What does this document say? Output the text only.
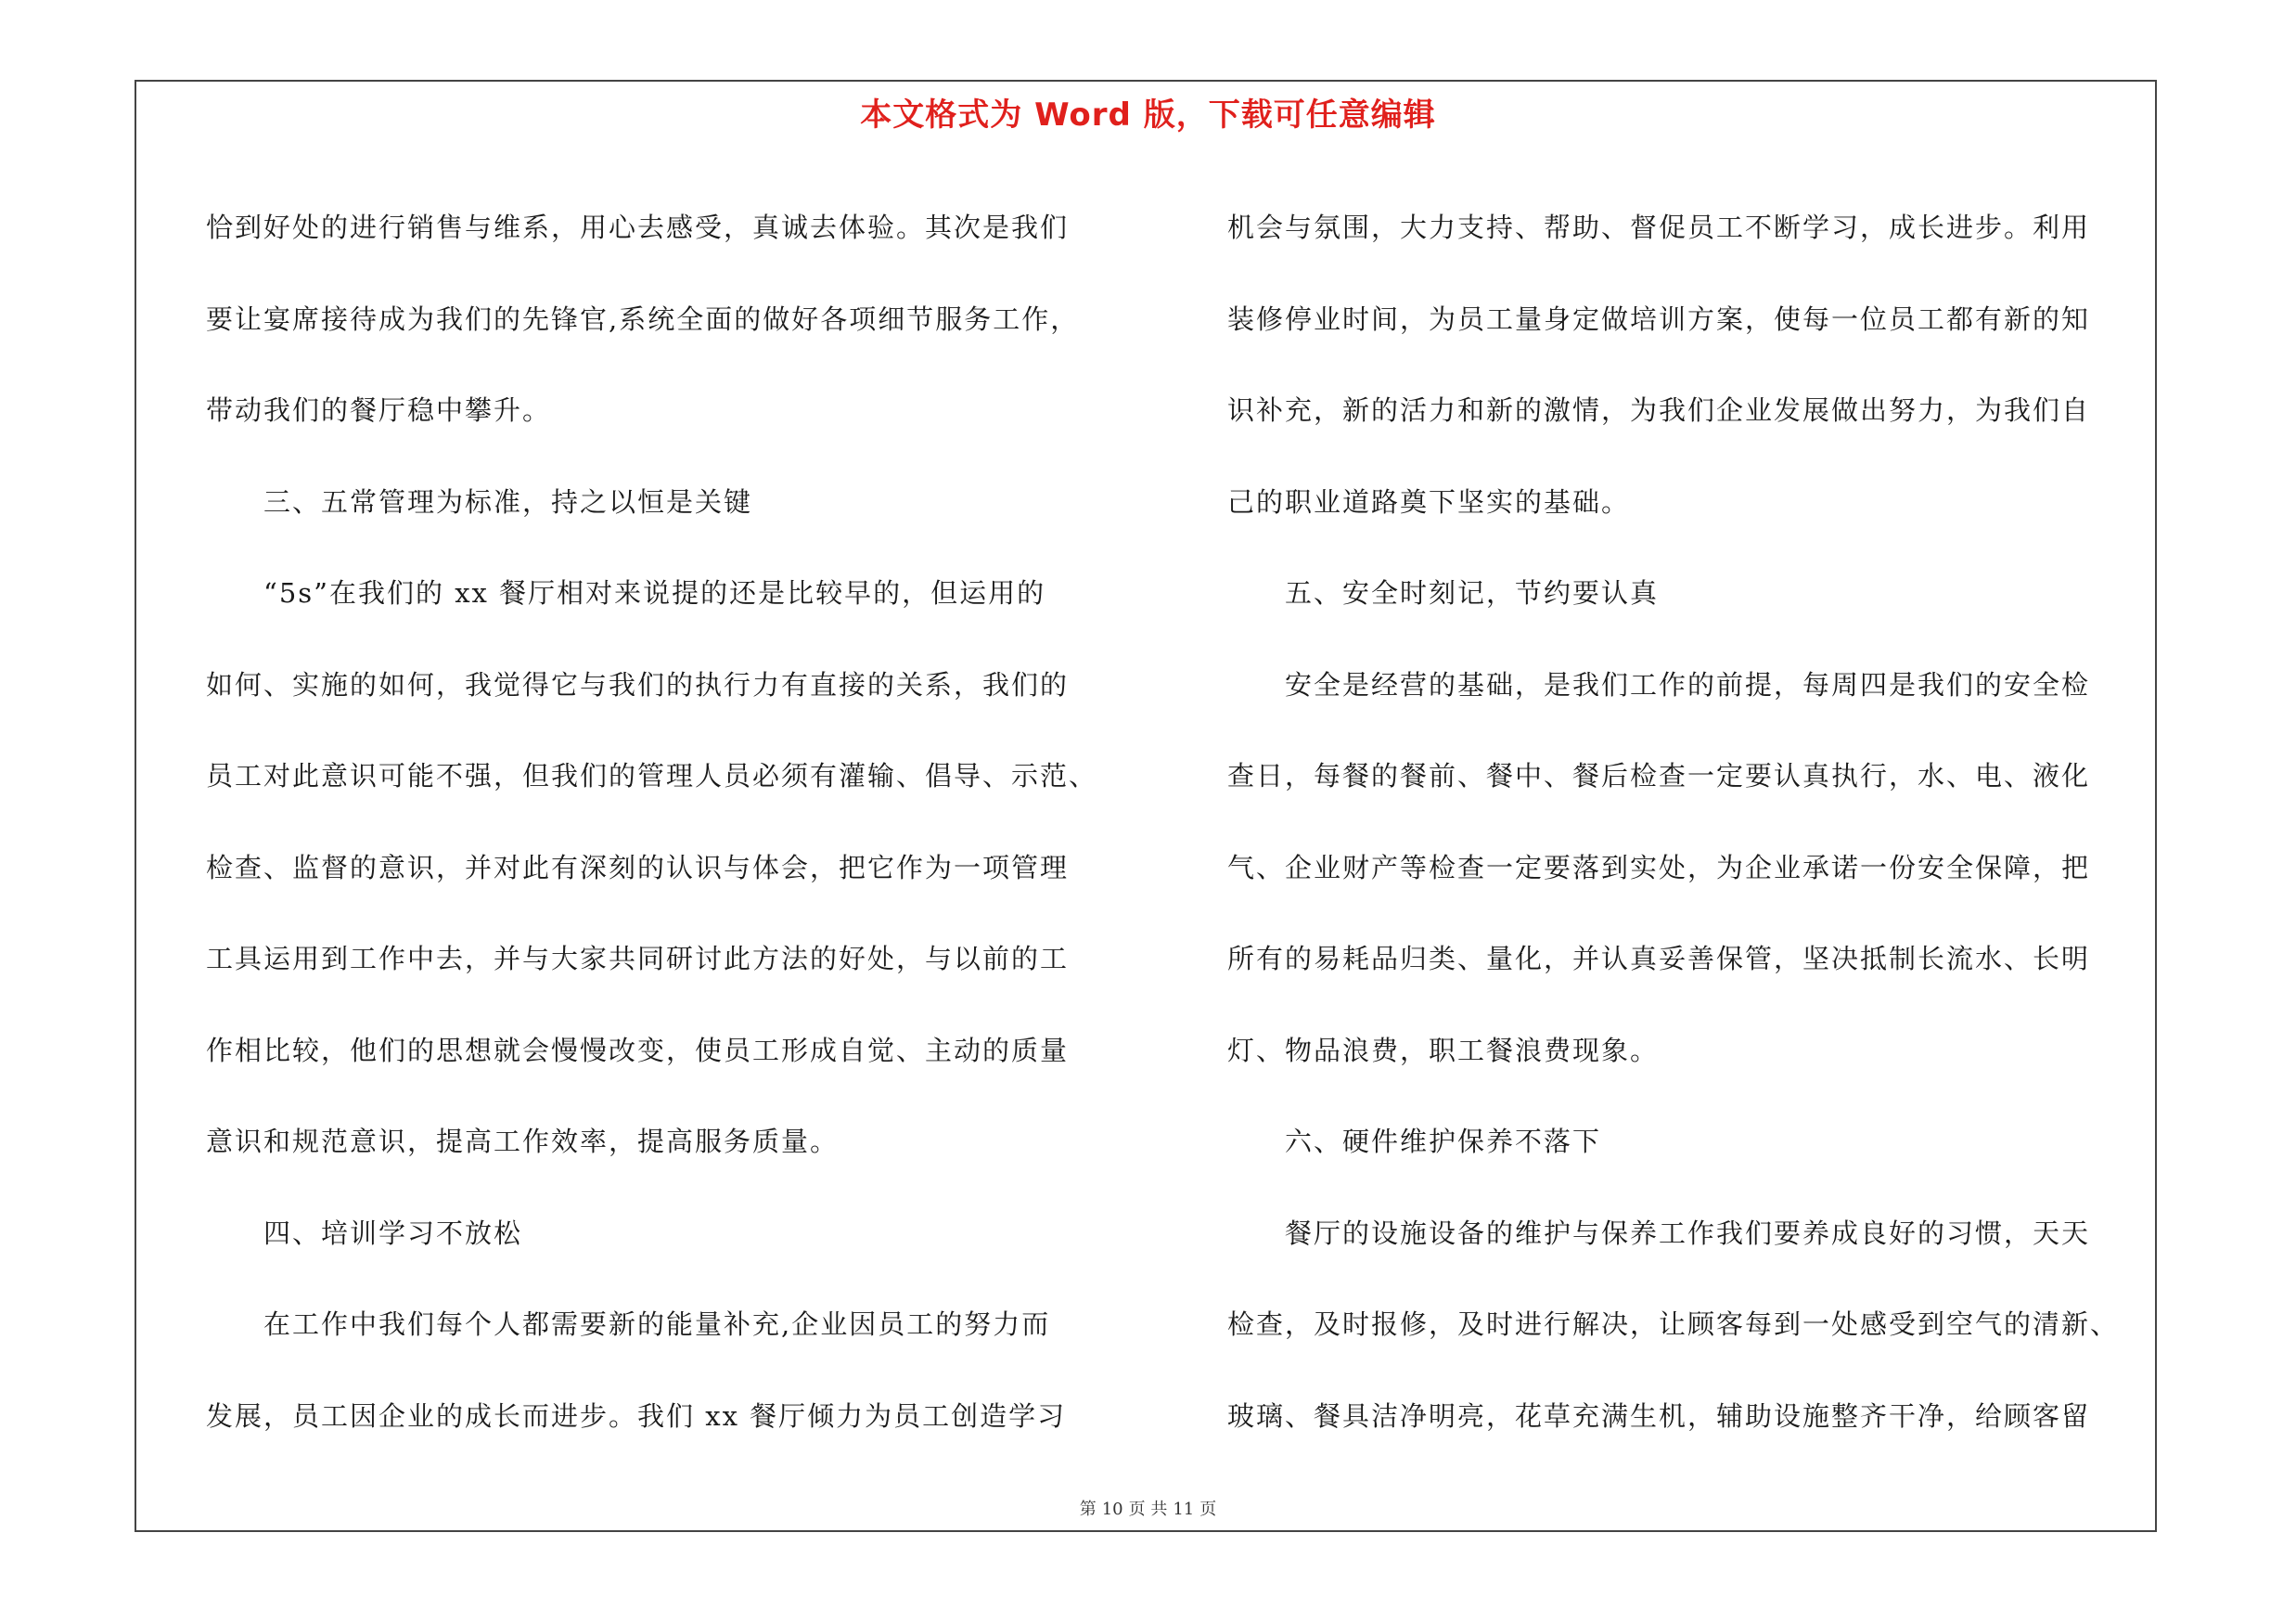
本文格式为 Word 版，下载可任意编辑

恰到好处的进行销售与维系，用心去感受，真诚去体验。其次是我们

要让宴席接待成为我们的先锋官,系统全面的做好各项细节服务工作，

带动我们的餐厅稳中攀升。

　　三、五常管理为标准，持之以恒是关键

　　“5s”在我们的 xx 餐厅相对来说提的还是比较早的，但运用的

如何、实施的如何，我觉得它与我们的执行力有直接的关系，我们的

员工对此意识可能不强，但我们的管理人员必须有灌输、倡导、示范、

检查、监督的意识，并对此有深刻的认识与体会，把它作为一项管理

工具运用到工作中去，并与大家共同研讨此方法的好处，与以前的工

作相比较，他们的思想就会慢慢改变，使员工形成自觉、主动的质量

意识和规范意识，提高工作效率，提高服务质量。

　　四、培训学习不放松

　　在工作中我们每个人都需要新的能量补充,企业因员工的努力而

发展，员工因企业的成长而进步。我们 xx 餐厅倾力为员工创造学习

机会与氛围，大力支持、帮助、督促员工不断学习，成长进步。利用

装修停业时间，为员工量身定做培训方案，使每一位员工都有新的知

识补充，新的活力和新的激情，为我们企业发展做出努力，为我们自

己的职业道路奠下坚实的基础。

　　五、安全时刻记，节约要认真

　　安全是经营的基础，是我们工作的前提，每周四是我们的安全检

查日，每餐的餐前、餐中、餐后检查一定要认真执行，水、电、液化

气、企业财产等检查一定要落到实处，为企业承诺一份安全保障，把

所有的易耗品归类、量化，并认真妥善保管，坚决抵制长流水、长明

灯、物品浪费，职工餐浪费现象。

　　六、硬件维护保养不落下

　　餐厅的设施设备的维护与保养工作我们要养成良好的习惯，天天

检查，及时报修，及时进行解决，让顾客每到一处感受到空气的清新、

玻璃、餐具洁净明亮，花草充满生机，辅助设施整齐干净，给顾客留

第 10 页 共 11 页
